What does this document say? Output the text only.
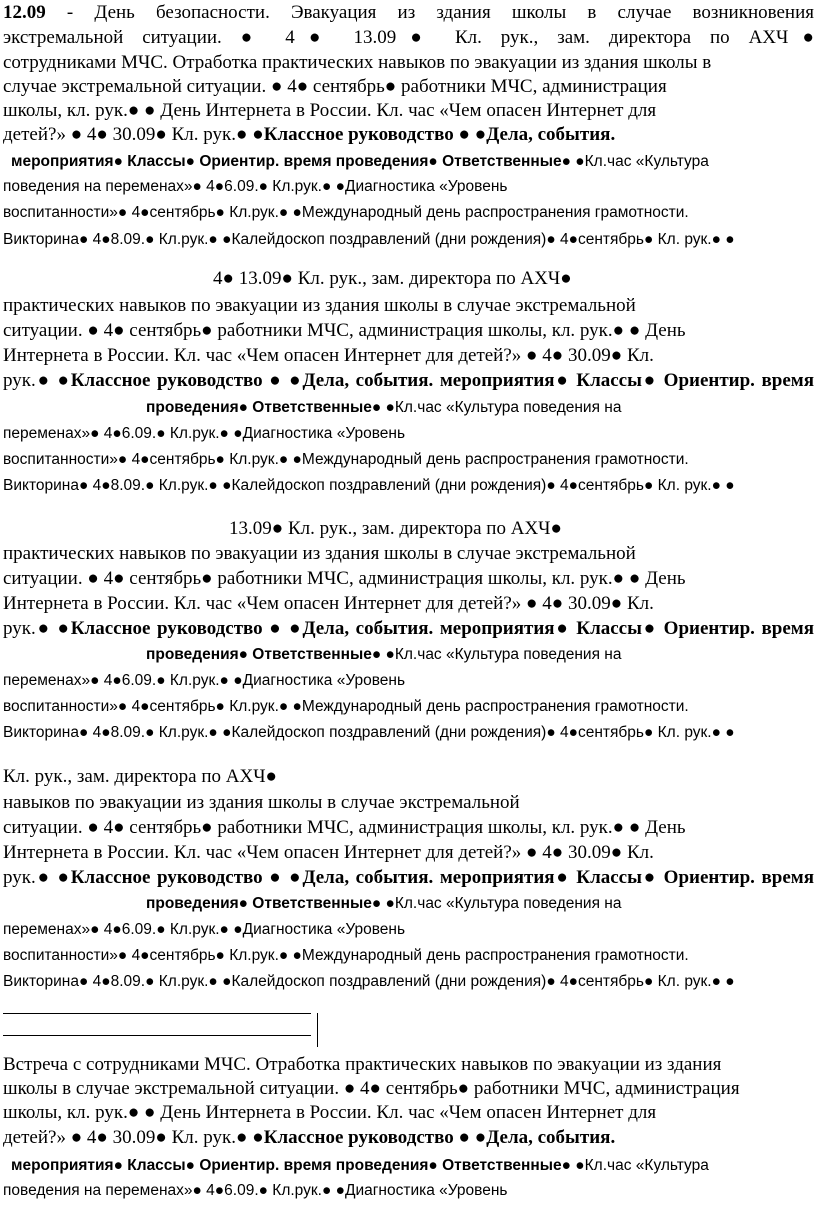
12.09 - День безопасности. Эвакуация из здания школы в случае возникновения
экстремальной ситуации. ● 4● 13.09● Кл. рук., зам. директора по АХЧ●
сотрудниками МЧС. Отработка практических навыков по эвакуации из здания школы в
случае экстремальной ситуации. ● 4● сентябрь● работники МЧС, администрация
школы, кл. рук.● ● День Интернета в России. Кл. час «Чем опасен Интернет для
детей?» ● 4● 30.09● Кл. рук.● ●Классное руководство ● ●Дела, события.
мероприятия● Классы● Ориентир. время проведения● Ответственные● ●Кл.час «Культура
поведения на переменах»● 4●6.09.● Кл.рук.● ●Диагностика «Уровень
воспитанности»● 4●сентябрь● Кл.рук.● ●Международный день распространения грамотности.
Викторина● 4●8.09.● Кл.рук.● ●Калейдоскоп поздравлений (дни рождения)● 4●сентябрь● Кл. рук.● ●
4● 13.09● Кл. рук., зам. директора по АХЧ●
практических навыков по эвакуации из здания школы в случае экстремальной
ситуации. ● 4● сентябрь● работники МЧС, администрация школы, кл. рук.● ● День
Интернета в России. Кл. час «Чем опасен Интернет для детей?» ● 4● 30.09● Кл.
рук.● ●Классное руководство ● ●Дела, события. мероприятия● Классы● Ориентир. время
проведения● Ответственные● ●Кл.час «Культура поведения на
переменах»● 4●6.09.● Кл.рук.● ●Диагностика «Уровень
воспитанности»● 4●сентябрь● Кл.рук.● ●Международный день распространения грамотности.
Викторина● 4●8.09.● Кл.рук.● ●Калейдоскоп поздравлений (дни рождения)● 4●сентябрь● Кл. рук.● ●
13.09● Кл. рук., зам. директора по АХЧ●
практических навыков по эвакуации из здания школы в случае экстремальной
ситуации. ● 4● сентябрь● работники МЧС, администрация школы, кл. рук.● ● День
Интернета в России. Кл. час «Чем опасен Интернет для детей?» ● 4● 30.09● Кл.
рук.● ●Классное руководство ● ●Дела, события. мероприятия● Классы● Ориентир. время
проведения● Ответственные● ●Кл.час «Культура поведения на
переменах»● 4●6.09.● Кл.рук.● ●Диагностика «Уровень
воспитанности»● 4●сентябрь● Кл.рук.● ●Международный день распространения грамотности.
Викторина● 4●8.09.● Кл.рук.● ●Калейдоскоп поздравлений (дни рождения)● 4●сентябрь● Кл. рук.● ●
Кл. рук., зам. директора по АХЧ●
навыков по эвакуации из здания школы в случае экстремальной
ситуации. ● 4● сентябрь● работники МЧС, администрация школы, кл. рук.● ● День
Интернета в России. Кл. час «Чем опасен Интернет для детей?» ● 4● 30.09● Кл.
рук.● ●Классное руководство ● ●Дела, события. мероприятия● Классы● Ориентир. время
проведения● Ответственные● ●Кл.час «Культура поведения на
переменах»● 4●6.09.● Кл.рук.● ●Диагностика «Уровень
воспитанности»● 4●сентябрь● Кл.рук.● ●Международный день распространения грамотности.
Викторина● 4●8.09.● Кл.рук.● ●Калейдоскоп поздравлений (дни рождения)● 4●сентябрь● Кл. рук.● ●
Встреча с сотрудниками МЧС. Отработка практических навыков по эвакуации из здания
школы в случае экстремальной ситуации. ● 4● сентябрь● работники МЧС, администрация
школы, кл. рук.● ● День Интернета в России. Кл. час «Чем опасен Интернет для
детей?» ● 4● 30.09● Кл. рук.● ●Классное руководство ● ●Дела, события.
мероприятия● Классы● Ориентир. время проведения● Ответственные● ●Кл.час «Культура
поведения на переменах»● 4●6.09.● Кл.рук.● ●Диагностика «Уровень
